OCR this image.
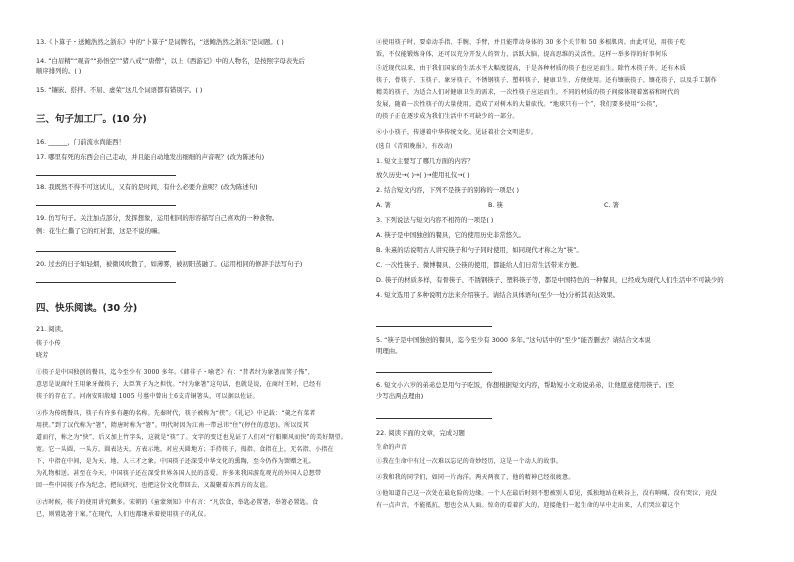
13.《卜算子・送鲍浩然之浙东》中的“卜算子”是词牌名，“送鲍浩然之浙东”是词题。( )
14. “白眉精”“观音”“孙悟空”“猪八戒”“唐僧”，以上《西游记》中的人物名，是按照字母表先后
顺序排列的。( )
15. “镶嵌、搭拌、不屈、虚荣”这几个词语都有错别字。( )
三、句子加工厂。(10 分)
16. ______，门前流水尚能西！
17. 哪里有死的东西会自己走动，并且能自动地发出细细的声音呢？(改为陈述句)
18. 我既然不得不可这试儿，又有的是时间，有什么必要介意呢？(改为陈述句)
19. 仿写句子。关注加点部分，发挥想象，运用相同的形容描写自己喜欢的一种食物。
例：花生仁撕了它的红衬套，这是不说的嘛。
20. 过去的日子如轻烟，被微风吹散了，如薄雾，被初阳蒸融了。(运用相同的修辞手法写句子)
四、快乐阅读。(30 分)
21. 阅读。
筷子小传
晓芳
①筷子是中国独创的餐具，迄今至少有 3000 多年。《韩非子・喻老》有：“昔者纣为象箸而箕子怖”，
意思是说商纣王用象牙做筷子，大臣箕子为之担忧。“纣为象箸”这句话，也就是说，在商纣王时，已经有
筷子的存在了。河南安阳殷墟 1005 号墓中曾出土6支青铜箸头，可以据以佐证。
②作为传统餐具，筷子有许多有趣的名称。先秦时代，筷子被称为“挟”。《礼记》中记载：“羹之有菜者
用挟。”到了汉代称为“箸”，隋唐时称为“箸”。明代时因为江南一带忌讳“住”(停住的意思)，所以反其
道而行，称之为“快”，后又加上竹字头，这就是“筷”了。文字的变迁也见证了人们对“行船顺风而快”的美好期望。
宽。它一头圆，一头方，圆表达天，方表示地，对应天圆地方；手持筷子，拇指、食指在上，无名指、小指在
下，中指在中间，是为天、地、人三才之象。中国筷子还深受中华文化的熏陶，至今仍作为馈赠之礼。
为礼物相送。甚至在今天，中国筷子还在深受世界各国人民的喜爱。许多来我国游览观光的外国人总想带
回一些中国筷子作为纪念，把玩研究，也把这份文化带回去，又凝聚着东西方的友谊。
③古时候，筷子的使用讲究颇多。宋朝的《童蒙须知》中有言：“凡饮食，举匙必置箸，举箸必置匙。食
已，则置匙箸于案。”在现代，人们也都继承着使用筷子的礼仪。
④使用筷子时，要牵动手指、手腕、手臂，并且能带动身体的 30 多个关节和 50 多根肌肉。由此可见，用筷子吃
饭，不仅能锻炼身体，还可以充分开发人的智力，活跃大脑，提高思维的灵活性，这样一举多得的好事何乐
⑤近现代以来，由于我们国家的生活水平大幅度提高，于是各种材质的筷子也应运而生。除竹木筷子外，还有木质
筷子，骨筷子、玉筷子、象牙筷子，不锈钢筷子、塑料筷子，健康卫生，方便使用。还有镶嵌筷子、镶花筷子，以及手工制作
精美的筷子，为适合人们对健康卫生的需求，一次性筷子应运而生。不同的材质的筷子间接体现着富裕和时代的
发展，随着一次性筷子的大量使用，造成了对树木的大量砍伐。“地球只有一个”，我们要多使用“公筷”，
的筷子正在逐步成为我们生活中不可缺少的一部分。
⑥小小筷子，传递着中华传统文化，见证着社会文明进步。
(选自《青阳晚报》，有改动)
1. 短文主要写了哪几方面的内容？
放久历史→( )→( )→使用礼仪→( )
2. 结合短文内容，下列不是筷子的别称的一项是( )
A. 箸	B. 筷	C. 箸
3. 下列说法与短文内容不相符的一项是( )
A. 筷子是中国独创的餐具，它的使用历史非常悠久。
B. 朱熹的话说明古人讲究筷子和勺子同时使用，如同现代才称之为“筷”。
C. 一次性筷子、微博餐具、公筷的使用，都能给人们日常生活带来方便。
D. 筷子的材质多样，有骨筷子、不锈钢筷子、塑料筷子等，都是中国特色的一种餐具，已经成为现代人们生活中不可缺少的
4. 短文选用了多种说明方法来介绍筷子。请结合具体语句(至少一处)分析其表达效果。
5. “筷子是中国独创的餐具，迄今至少有 3000 多年。”这句话中的“至少”能否删去？请结合文本说
明理由。
6. 短文小六岁的弟弟总是用勺子吃饭，你想根据短文内容，帮助短小文劝说弟弟，让他愿意使用筷子。(至
少写出两点理由)
22. 阅读下面的文章，完成习题
生命的声音
①我在生命中有过一次难以忘记的奇妙经历，这是一个动人的故事。
②我和我的同学们，如同一片海洋。两天两夜了，他的精神已经很疲惫。
③他知道自己这一次处在最危险的边缘。一个人在最后时刻不想被别人看见，孤独地站在峡谷上，没有呐喊，没有哭泣，竟没
有一点声音，不能抵抗，想也会从人面。惊奇的看着扩大的，迎接他们一起生命的早中走出来，人们哭泣着这个
